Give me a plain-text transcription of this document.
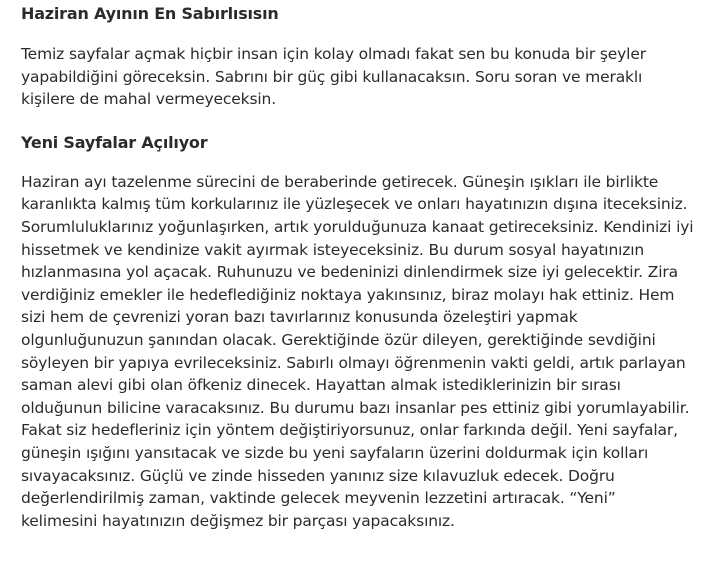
Haziran Ayının En Sabırlısısın

Temiz sayfalar açmak hiçbir insan için kolay olmadı fakat sen bu konuda bir şeyler yapabildiğini göreceksin. Sabrını bir güç gibi kullanacaksın. Soru soran ve meraklı kişilere de mahal vermeyeceksin.

Yeni Sayfalar Açılıyor

Haziran ayı tazelenme sürecini de beraberinde getirecek. Güneşin ışıkları ile birlikte karanlıkta kalmış tüm korkularınız ile yüzleşecek ve onları hayatınızın dışına iteceksiniz. Sorumluluklarınız yoğunlaşırken, artık yorulduğunuza kanaat getireceksiniz. Kendinizi iyi hissetmek ve kendinize vakit ayırmak isteyeceksiniz. Bu durum sosyal hayatınızın hızlanmasına yol açacak. Ruhunuzu ve bedeninizi dinlendirmek size iyi gelecektir. Zira verdiğiniz emekler ile hedeflediğiniz noktaya yakınsınız, biraz molayı hak ettiniz. Hem sizi hem de çevrenizi yoran bazı tavırlarınız konusunda özeleştiri yapmak olgunluğunuzun şanından olacak. Gerektiğinde özür dileyen, gerektiğinde sevdiğini söyleyen bir yapıya evrileceksiniz. Sabırlı olmayı öğrenmenin vakti geldi, artık parlayan saman alevi gibi olan öfkeniz dinecek. Hayattan almak istediklerinizin bir sırası olduğunun bilicine varacaksınız. Bu durumu bazı insanlar pes ettiniz gibi yorumlayabilir. Fakat siz hedefleriniz için yöntem değiştiriyorsunuz, onlar farkında değil. Yeni sayfalar, güneşin ışığını yansıtacak ve sizde bu yeni sayfaların üzerini doldurmak için kolları sıvayacaksınız. Güçlü ve zinde hisseden yanınız size kılavuzluk edecek. Doğru değerlendirilmiş zaman, vaktinde gelecek meyvenin lezzetini artıracak. “Yeni” kelimesini hayatınızın değişmez bir parçası yapacaksınız.
